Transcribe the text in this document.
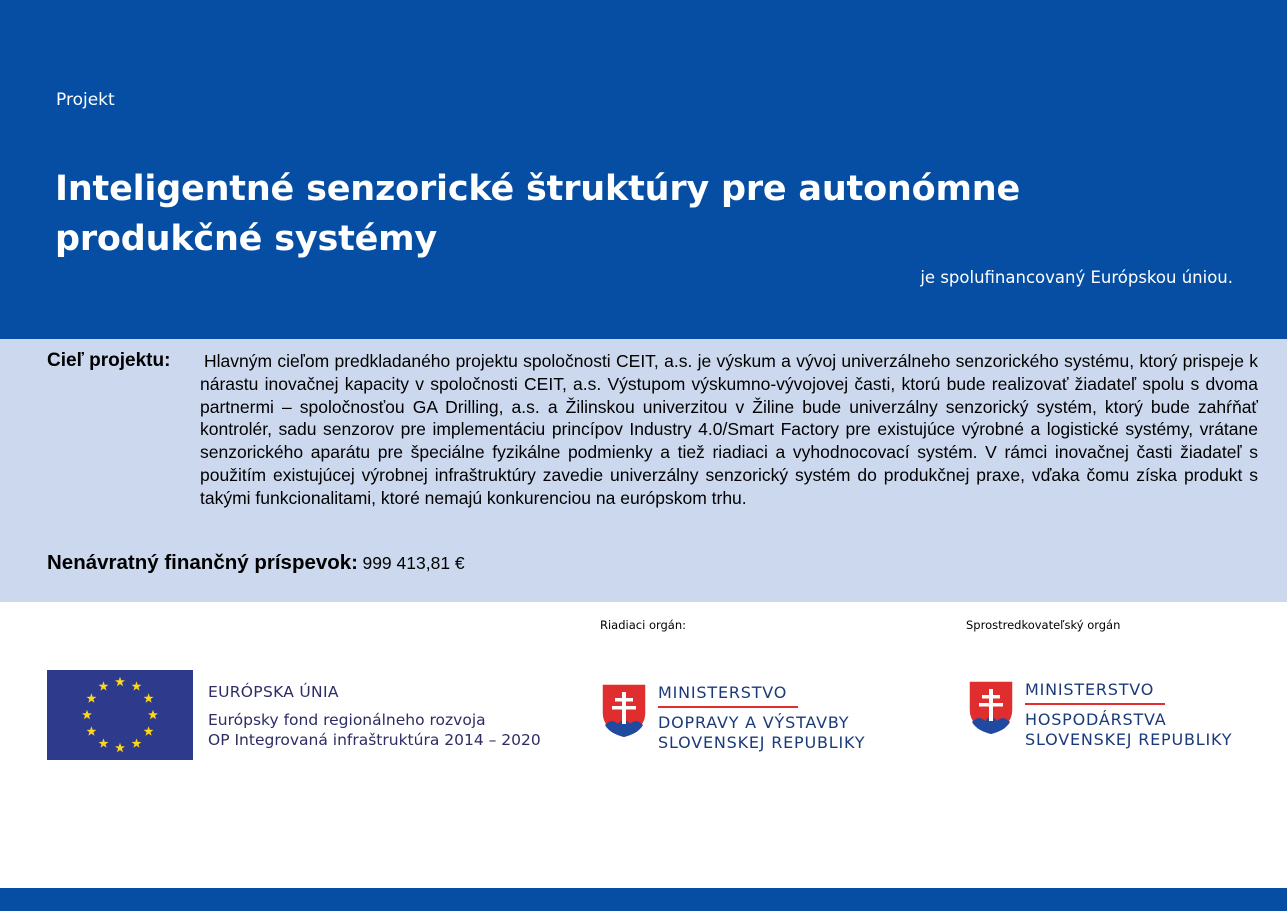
Projekt
Inteligentné senzorické štruktúry pre autonómne produkčné systémy
je spolufinancovaný Európskou úniou.
Cieľ projektu: Hlavným cieľom predkladaného projektu spoločnosti CEIT, a.s. je výskum a vývoj univerzálneho senzorického systému, ktorý prispeje k nárastu inovačnej kapacity v spoločnosti CEIT, a.s. Výstupom výskumno-vývojovej časti, ktorú bude realizovať žiadateľ spolu s dvoma partnermi – spoločnosťou GA Drilling, a.s. a Žilinskou univerzitou v Žiline bude univerzálny senzorický systém, ktorý bude zahŕňať kontrolér, sadu senzorov pre implementáciu princípov Industry 4.0/Smart Factory pre existujúce výrobné a logistické systémy, vrátane senzorického aparátu pre špeciálne fyzikálne podmienky a tiež riadiaci a vyhodnocovací systém. V rámci inovačnej časti žiadateľ s použitím existujúcej výrobnej infraštruktúry zavedie univerzálny senzorický systém do produkčnej praxe, vďaka čomu získa produkt s takými funkcionalitami, ktoré nemajú konkurenciou na európskom trhu.
Nenávratný finančný príspevok: 999 413,81 €
Riadiaci orgán:	Sprostredkovateľský orgán
EURÓPSKA ÚNIA
Európsky fond regionálneho rozvoja
OP Integrovaná infraštruktúra 2014 – 2020
MINISTERSTVO
DOPRAVY A VÝSTAVBY
SLOVENSKEJ REPUBLIKY
MINISTERSTVO
HOSPODÁRSTVA
SLOVENSKEJ REPUBLIKY
